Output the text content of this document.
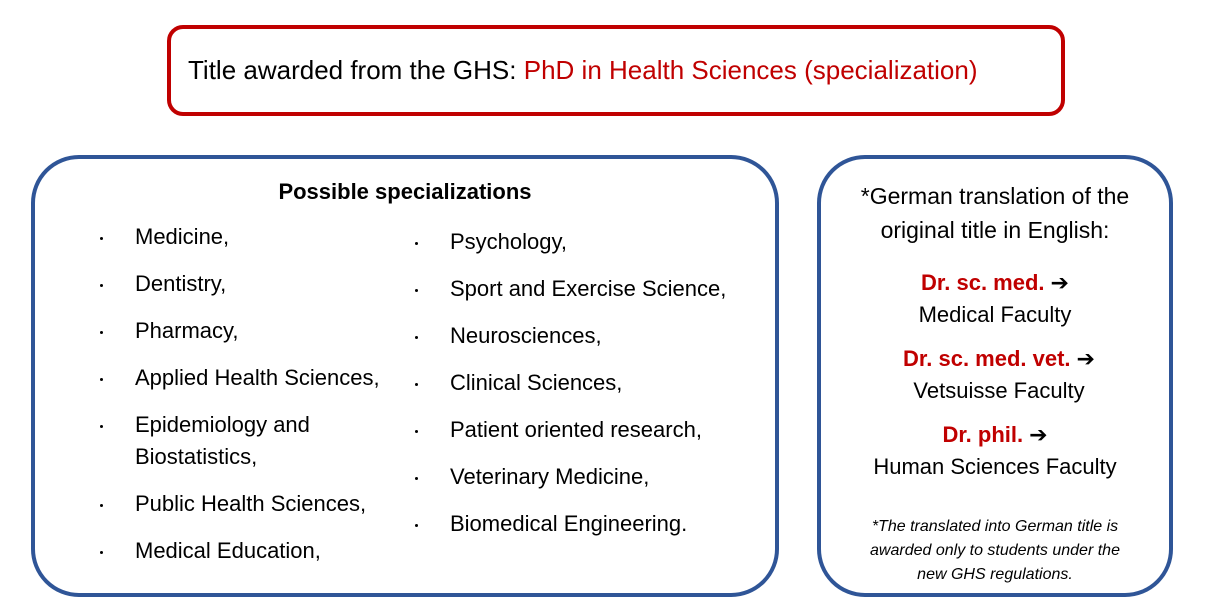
Title awarded from the GHS:
PhD in Health Sciences (specialization)
Possible specializations
Medicine,
Dentistry,
Pharmacy,
Applied Health Sciences,
Epidemiology and
Biostatistics,
Public Health Sciences,
Medical Education,
Psychology,
Sport and Exercise Science,
Neurosciences,
Clinical Sciences,
Patient oriented research,
Veterinary Medicine,
Biomedical Engineering.
*German translation of the
original title in English:
Dr. sc. med. ➔
Medical Faculty
Dr. sc. med. vet. ➔
Vetsuisse Faculty
Dr. phil. ➔
Human Sciences Faculty
*The translated into German title is
awarded only to students under the
new GHS regulations.
